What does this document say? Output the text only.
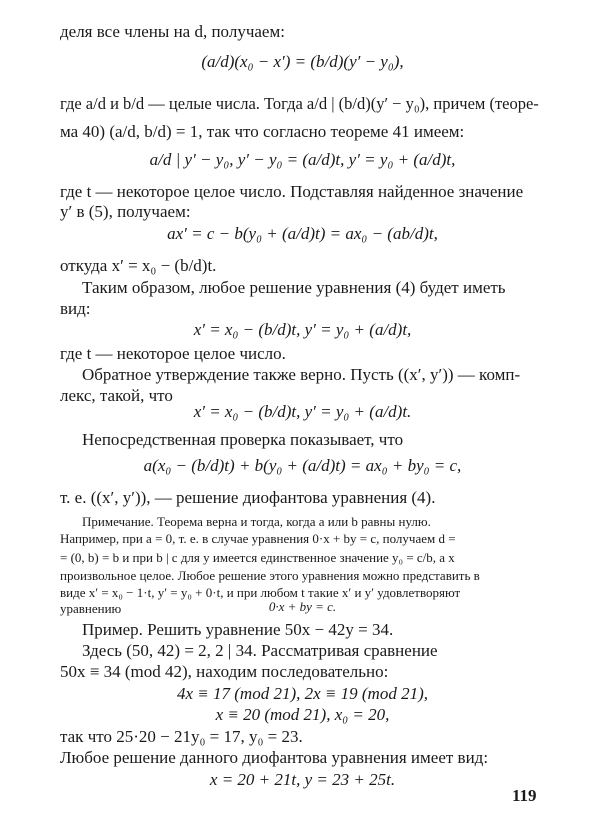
деля все члены на d, получаем:
(a/d)(x₀ − x′) = (b/d)(y′ − y₀),
где a/d и b/d — целые числа. Тогда a/d | (b/d)(y′ − y₀), причем (теоре-
ма 40) (a/d, b/d) = 1, так что согласно теореме 41 имеем:
a/d | y′ − y₀, y′ − y₀ = (a/d)t, y′ = y₀ + (a/d)t,
где t — некоторое целое число. Подставляя найденное значение
y′ в (5), получаем:
ax′ = c − b(y₀ + (a/d)t) = ax₀ − (ab/d)t,
откуда x′ = x₀ − (b/d)t.
Таким образом, любое решение уравнения (4) будет иметь
вид:
x′ = x₀ − (b/d)t, y′ = y₀ + (a/d)t,
где t — некоторое целое число.
Обратное утверждение также верно. Пусть ((x′, y′)) — комп-
лекс, такой, что
x′ = x₀ − (b/d)t, y′ = y₀ + (a/d)t.
Непосредственная проверка показывает, что
a(x₀ − (b/d)t) + b(y₀ + (a/d)t) = ax₀ + by₀ = c,
т. е. ((x′, y′)), — решение диофантова уравнения (4).
Примечание. Теорема верна и тогда, когда a или b равны нулю.
Например, при a = 0, т. е. в случае уравнения 0·x + by = c, получаем d =
= (0, b) = b и при b | c для y имеется единственное значение y₀ = c/b, а x
произвольное целое. Любое решение этого уравнения можно представить в
виде x′ = x₀ − 1·t, y′ = y₀ + 0·t, и при любом t такие x′ и y′ удовлетворяют
уравнению	0·x + by = c.
Пример. Решить уравнение 50x − 42y = 34.
Здесь (50, 42) = 2, 2 | 34. Рассматривая сравнение
50x ≡ 34 (mod 42), находим последовательно:
4x ≡ 17 (mod 21), 2x ≡ 19 (mod 21),
x ≡ 20 (mod 21), x₀ = 20,
так что 25·20 − 21y₀ = 17, y₀ = 23.
Любое решение данного диофантова уравнения имеет вид:
x = 20 + 21t, y = 23 + 25t.
119
